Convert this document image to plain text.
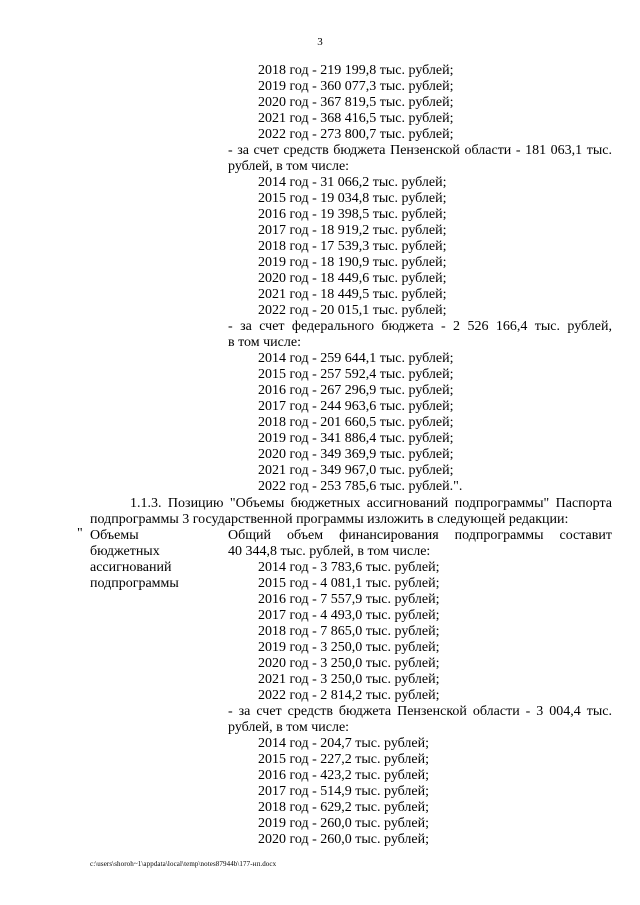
3
2018 год - 219 199,8 тыс. рублей;
2019 год - 360 077,3 тыс. рублей;
2020 год - 367 819,5 тыс. рублей;
2021 год - 368 416,5 тыс. рублей;
2022 год - 273 800,7 тыс. рублей;
- за счет средств бюджета Пензенской области - 181 063,1 тыс.
рублей, в том числе:
2014 год - 31 066,2 тыс. рублей;
2015 год - 19 034,8 тыс. рублей;
2016 год - 19 398,5 тыс. рублей;
2017 год - 18 919,2 тыс. рублей;
2018 год - 17 539,3 тыс. рублей;
2019 год - 18 190,9 тыс. рублей;
2020 год - 18 449,6 тыс. рублей;
2021 год - 18 449,5 тыс. рублей;
2022 год - 20 015,1 тыс. рублей;
- за счет федерального бюджета - 2 526 166,4 тыс. рублей,
в том числе:
2014 год - 259 644,1 тыс. рублей;
2015 год - 257 592,4 тыс. рублей;
2016 год - 267 296,9 тыс. рублей;
2017 год - 244 963,6 тыс. рублей;
2018 год - 201 660,5 тыс. рублей;
2019 год - 341 886,4 тыс. рублей;
2020 год - 349 369,9 тыс. рублей;
2021 год - 349 967,0 тыс. рублей;
2022 год - 253 785,6 тыс. рублей.".
1.1.3. Позицию "Объемы бюджетных ассигнований подпрограммы" Паспорта
подпрограммы 3 государственной программы изложить в следующей редакции:
" Объемы
бюджетных
ассигнований
подпрограммы
Общий объем финансирования подпрограммы составит
40 344,8 тыс. рублей, в том числе:
2014 год - 3 783,6 тыс. рублей;
2015 год - 4 081,1 тыс. рублей;
2016 год - 7 557,9 тыс. рублей;
2017 год - 4 493,0 тыс. рублей;
2018 год - 7 865,0 тыс. рублей;
2019 год - 3 250,0 тыс. рублей;
2020 год - 3 250,0 тыс. рублей;
2021 год - 3 250,0 тыс. рублей;
2022 год - 2 814,2 тыс. рублей;
- за счет средств бюджета Пензенской области - 3 004,4 тыс.
рублей, в том числе:
2014 год - 204,7 тыс. рублей;
2015 год - 227,2 тыс. рублей;
2016 год - 423,2 тыс. рублей;
2017 год - 514,9 тыс. рублей;
2018 год - 629,2 тыс. рублей;
2019 год - 260,0 тыс. рублей;
2020 год - 260,0 тыс. рублей;
c:\users\shoroh~1\appdata\local\temp\notes87944b\177-нп.docx
